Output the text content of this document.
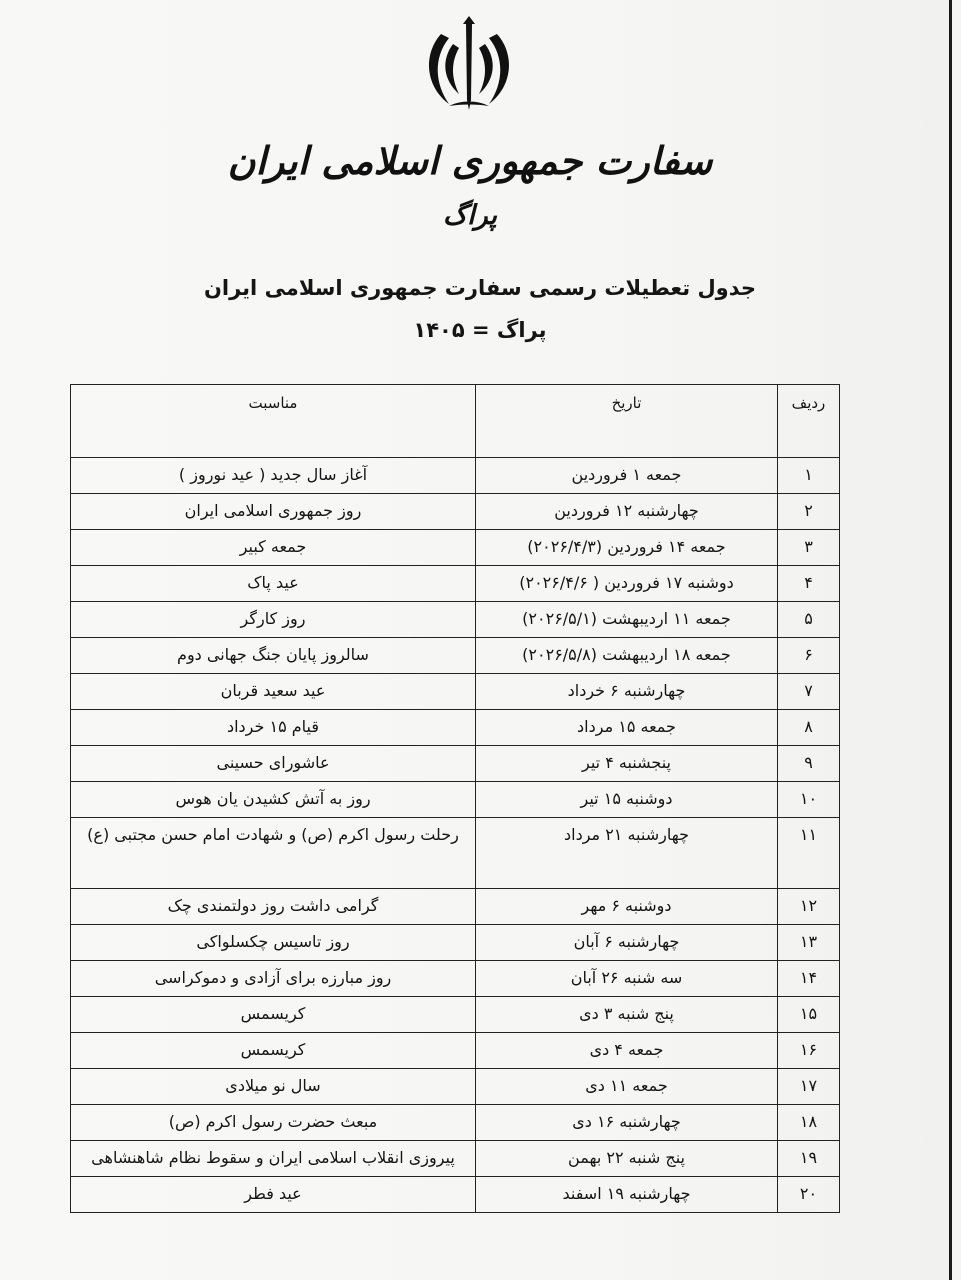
سفارت جمهوری اسلامی ایران
پراگ
جدول تعطیلات رسمی سفارت جمهوری اسلامی ایران
پراگ = ۱۴۰۵
ردیف	تاریخ	مناسبت
۱	جمعه ۱ فروردین	آغاز سال جدید ( عید نوروز )
۲	چهارشنبه ۱۲ فروردین	روز جمهوری اسلامی ایران
۳	جمعه ۱۴ فروردین (۲۰۲۶/۴/۳)	جمعه کبیر
۴	دوشنبه ۱۷ فروردین ( ۲۰۲۶/۴/۶)	عید پاک
۵	جمعه ۱۱ اردیبهشت (۲۰۲۶/۵/۱)	روز کارگر
۶	جمعه ۱۸ اردیبهشت (۲۰۲۶/۵/۸)	سالروز پایان جنگ جهانی دوم
۷	چهارشنبه ۶ خرداد	عید سعید قربان
۸	جمعه ۱۵ مرداد	قیام ۱۵ خرداد
۹	پنجشنبه ۴ تیر	عاشورای حسینی
۱۰	دوشنبه ۱۵ تیر	روز به آتش کشیدن یان هوس
۱۱	چهارشنبه ۲۱ مرداد	رحلت رسول اکرم (ص) و شهادت امام حسن مجتبی (ع)
۱۲	دوشنبه ۶ مهر	گرامی داشت روز دولتمندی چک
۱۳	چهارشنبه ۶ آبان	روز تاسیس چکسلواکی
۱۴	سه شنبه ۲۶ آبان	روز مبارزه برای آزادی و دموکراسی
۱۵	پنج شنبه ۳ دی	کریسمس
۱۶	جمعه ۴ دی	کریسمس
۱۷	جمعه ۱۱ دی	سال نو میلادی
۱۸	چهارشنبه ۱۶ دی	مبعث حضرت رسول اکرم (ص)
۱۹	پنج شنبه ۲۲ بهمن	پیروزی انقلاب اسلامی ایران و سقوط نظام شاهنشاهی
۲۰	چهارشنبه ۱۹ اسفند	عید فطر
